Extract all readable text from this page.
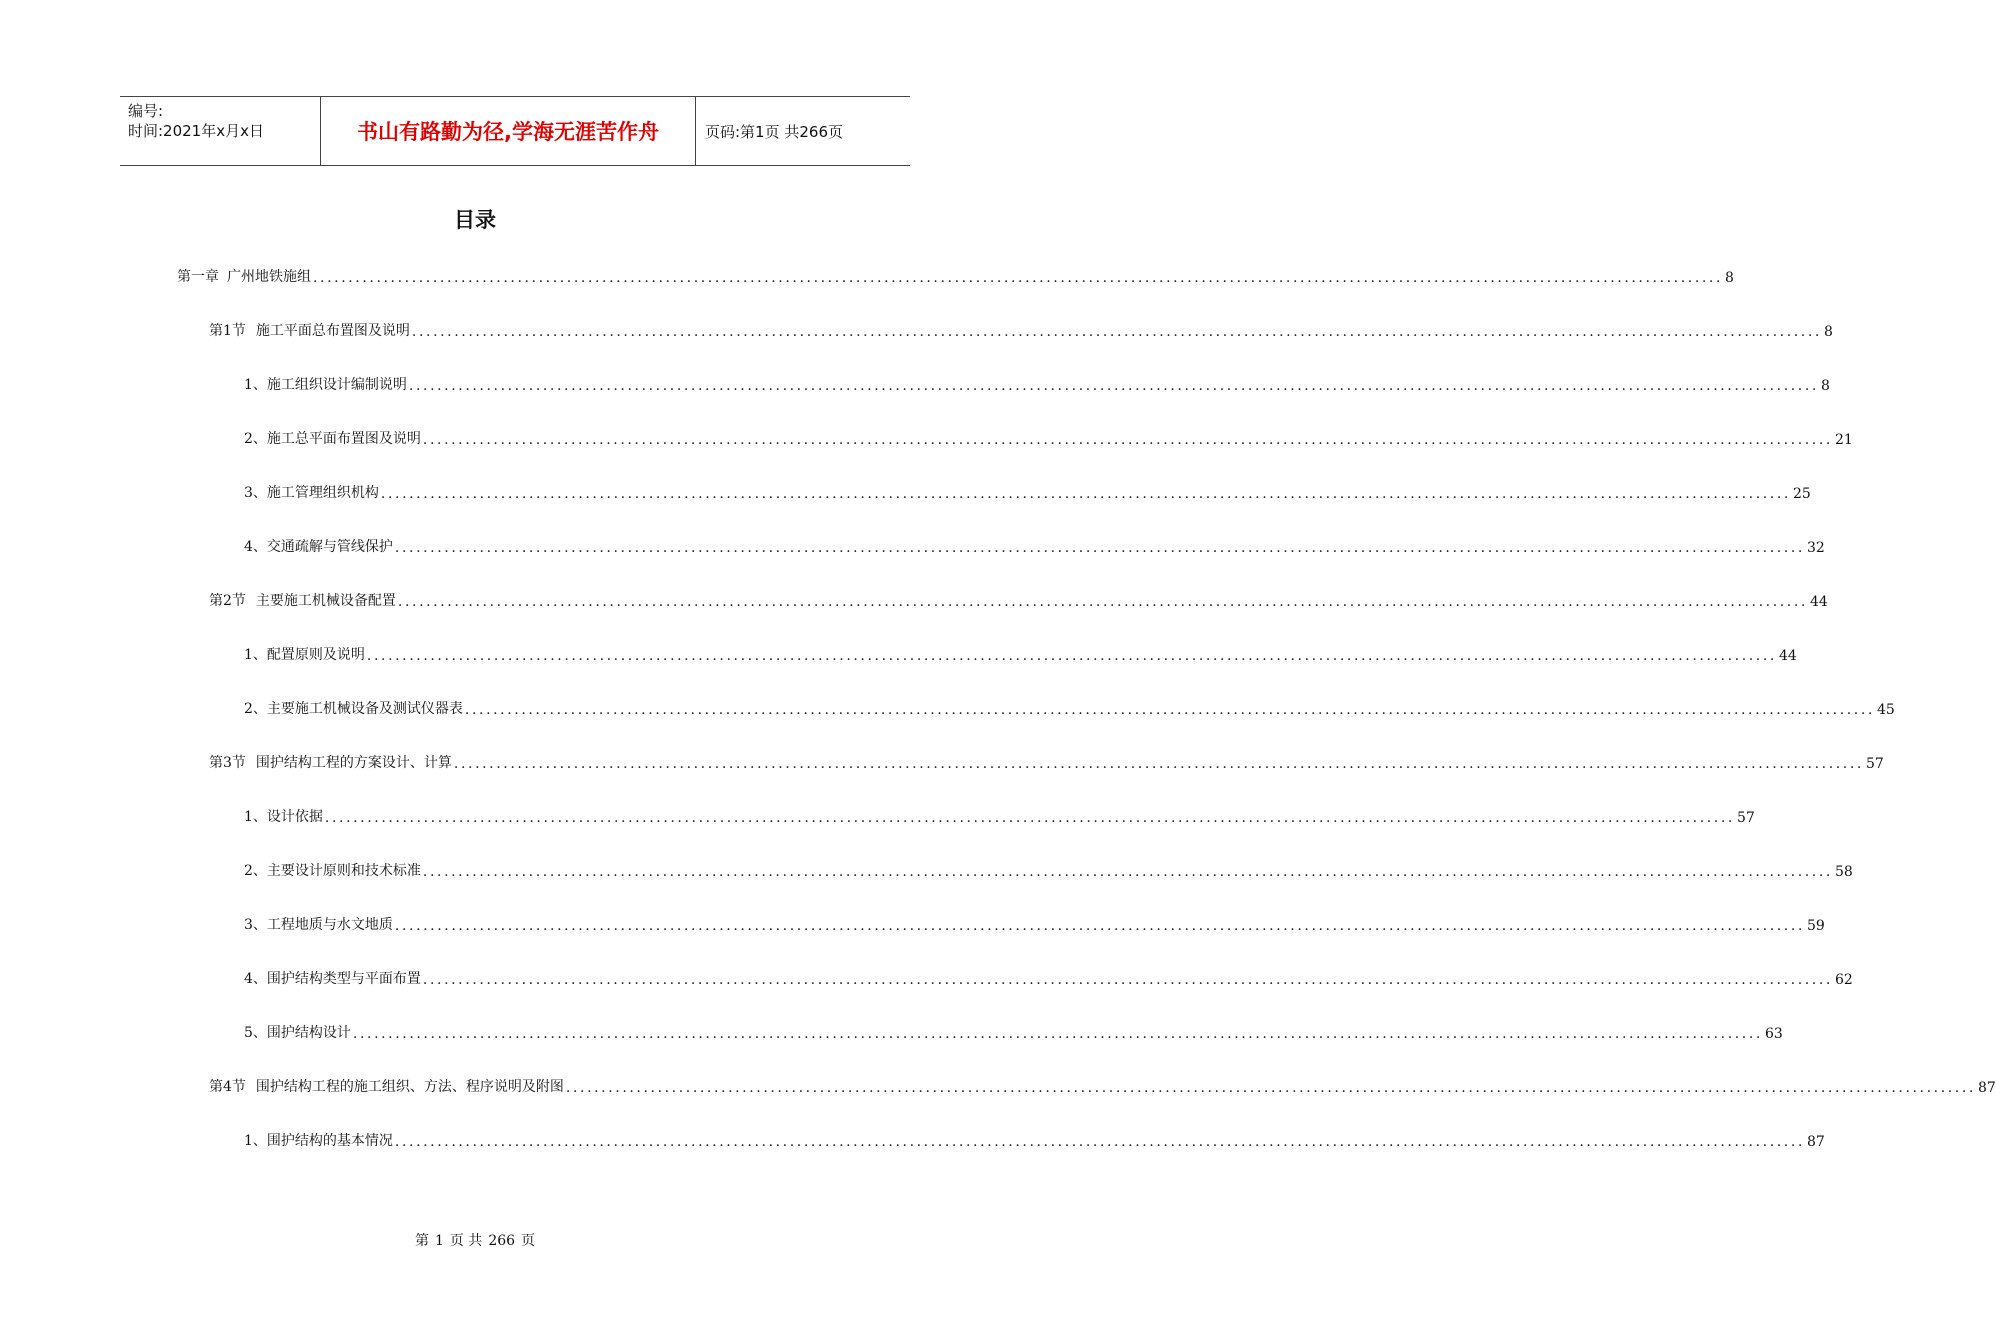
编号:
时间:2021年x月x日	书山有路勤为径,学海无涯苦作舟	页码:第1页 共266页
目录
第一章 广州地铁施组 ........................................................................................................................................................................................................ 8
第1节 施工平面总布置图及说明 ........................................................................................................................................................................................................ 8
1、 施工组织设计编制说明 ........................................................................................................................................................................................................ 8
2、 施工总平面布置图及说明 ........................................................................................................................................................................................................ 21
3、 施工管理组织机构 ........................................................................................................................................................................................................ 25
4、 交通疏解与管线保护 ........................................................................................................................................................................................................ 32
第2节 主要施工机械设备配置 ........................................................................................................................................................................................................ 44
1、 配置原则及说明 ........................................................................................................................................................................................................ 44
2、 主要施工机械设备及测试仪器表 ........................................................................................................................................................................................................ 45
第3节 围护结构工程的方案设计、计算 ........................................................................................................................................................................................................ 57
1、 设计依据 ........................................................................................................................................................................................................ 57
2、 主要设计原则和技术标准 ........................................................................................................................................................................................................ 58
3、 工程地质与水文地质 ........................................................................................................................................................................................................ 59
4、 围护结构类型与平面布置 ........................................................................................................................................................................................................ 62
5、 围护结构设计 ........................................................................................................................................................................................................ 63
第4节 围护结构工程的施工组织、方法、程序说明及附图 ........................................................................................................................................................................................................ 87
1、 围护结构的基本情况 ........................................................................................................................................................................................................ 87
第 1 页 共 266 页
